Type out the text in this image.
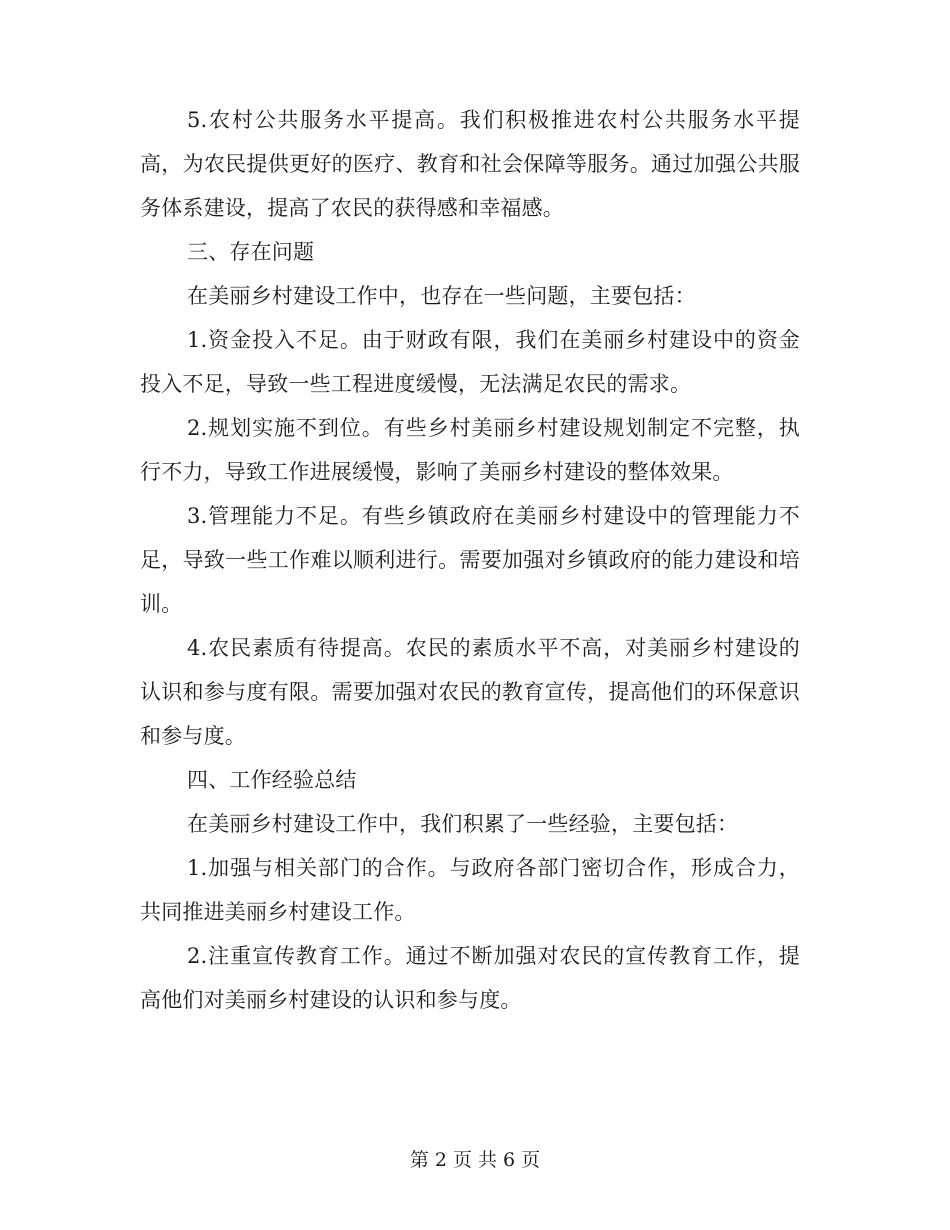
5.农村公共服务水平提高。我们积极推进农村公共服务水平提高，为农民提供更好的医疗、教育和社会保障等服务。通过加强公共服务体系建设，提高了农民的获得感和幸福感。

三、存在问题

在美丽乡村建设工作中，也存在一些问题，主要包括：

1.资金投入不足。由于财政有限，我们在美丽乡村建设中的资金投入不足，导致一些工程进度缓慢，无法满足农民的需求。

2.规划实施不到位。有些乡村美丽乡村建设规划制定不完整，执行不力，导致工作进展缓慢，影响了美丽乡村建设的整体效果。

3.管理能力不足。有些乡镇政府在美丽乡村建设中的管理能力不足，导致一些工作难以顺利进行。需要加强对乡镇政府的能力建设和培训。

4.农民素质有待提高。农民的素质水平不高，对美丽乡村建设的认识和参与度有限。需要加强对农民的教育宣传，提高他们的环保意识和参与度。

四、工作经验总结

在美丽乡村建设工作中，我们积累了一些经验，主要包括：

1.加强与相关部门的合作。与政府各部门密切合作，形成合力，共同推进美丽乡村建设工作。

2.注重宣传教育工作。通过不断加强对农民的宣传教育工作，提高他们对美丽乡村建设的认识和参与度。

第 2 页 共 6 页
